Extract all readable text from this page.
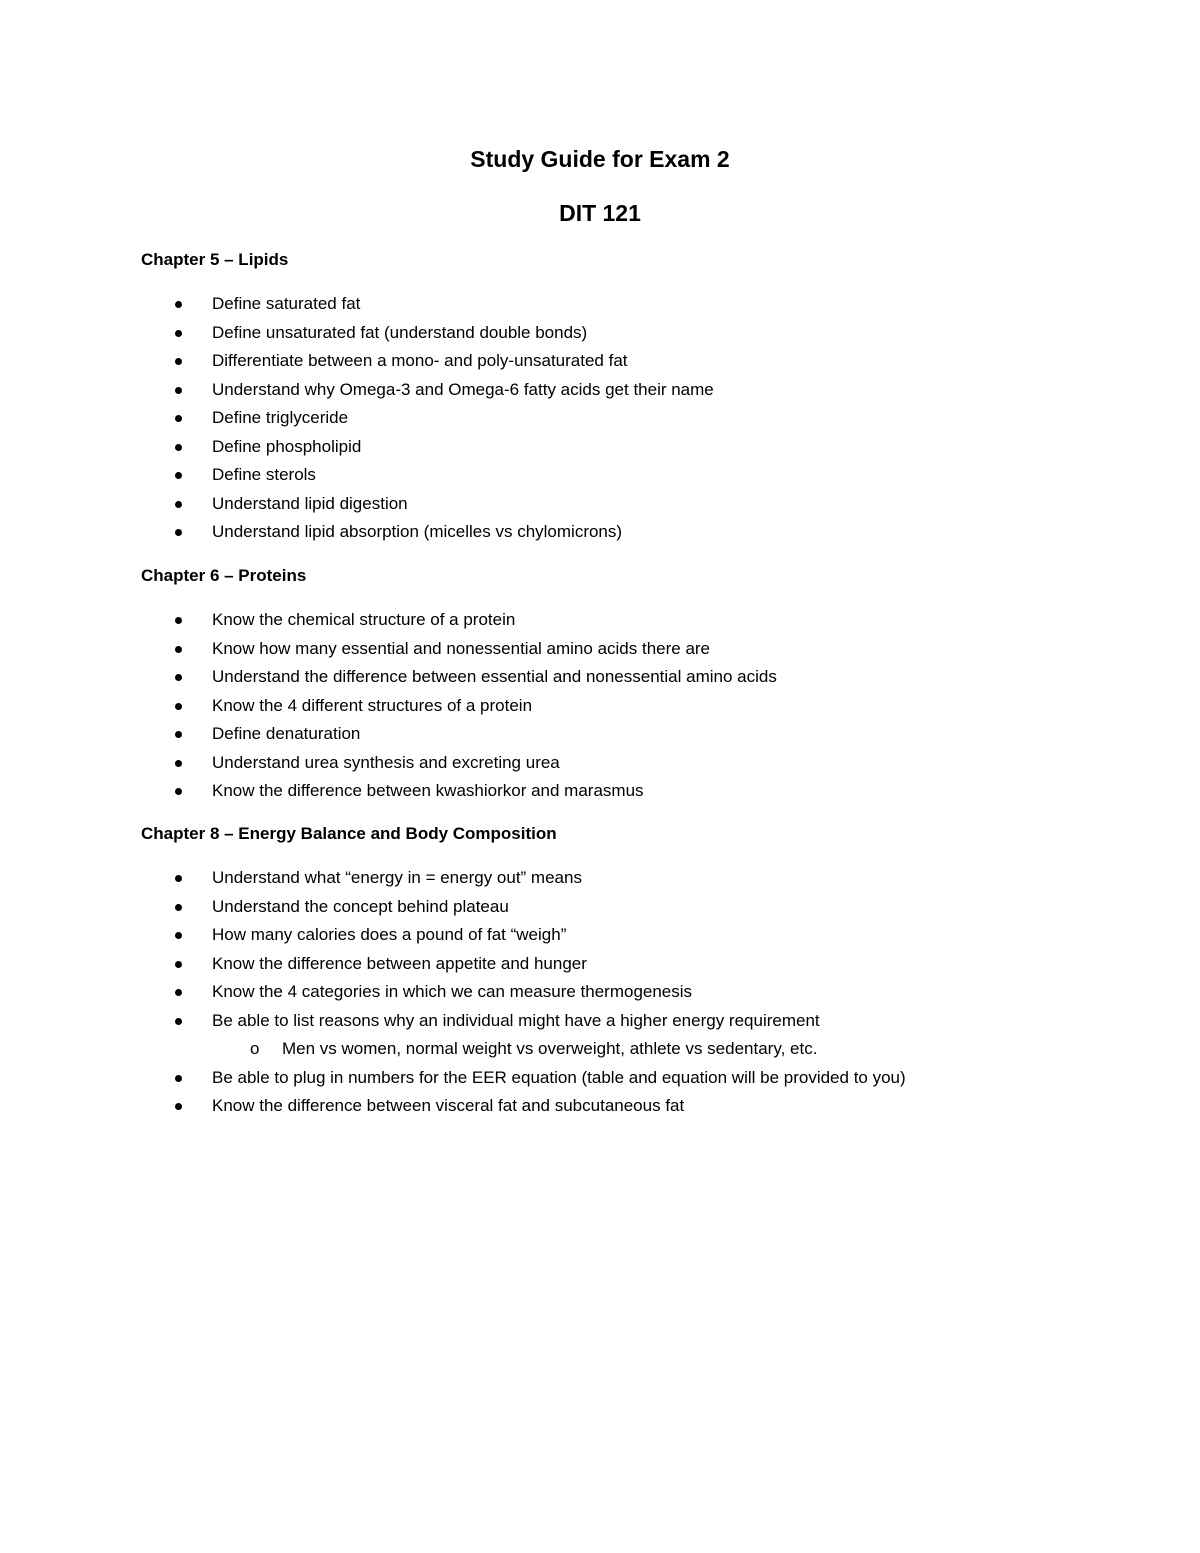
Study Guide for Exam 2
DIT 121
Chapter 5 – Lipids
Define saturated fat
Define unsaturated fat (understand double bonds)
Differentiate between a mono- and poly-unsaturated fat
Understand why Omega-3 and Omega-6 fatty acids get their name
Define triglyceride
Define phospholipid
Define sterols
Understand lipid digestion
Understand lipid absorption (micelles vs chylomicrons)
Chapter 6 – Proteins
Know the chemical structure of a protein
Know how many essential and nonessential amino acids there are
Understand the difference between essential and nonessential amino acids
Know the 4 different structures of a protein
Define denaturation
Understand urea synthesis and excreting urea
Know the difference between kwashiorkor and marasmus
Chapter 8 – Energy Balance and Body Composition
Understand what “energy in = energy out” means
Understand the concept behind plateau
How many calories does a pound of fat “weigh”
Know the difference between appetite and hunger
Know the 4 categories in which we can measure thermogenesis
Be able to list reasons why an individual might have a higher energy requirement
o Men vs women, normal weight vs overweight, athlete vs sedentary, etc.
Be able to plug in numbers for the EER equation (table and equation will be provided to you)
Know the difference between visceral fat and subcutaneous fat
